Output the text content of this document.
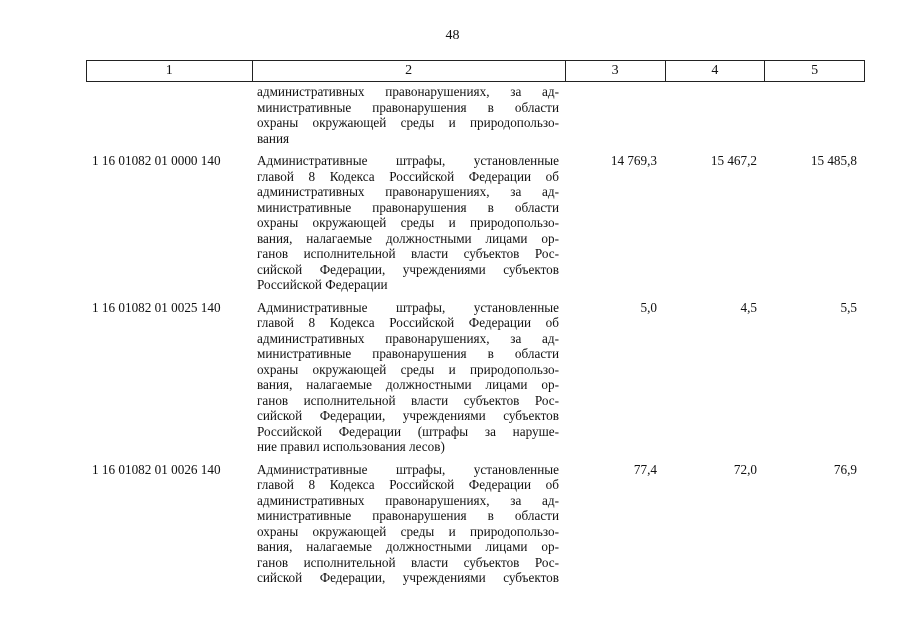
48
1	2	3	4	5
административных правонарушениях, за ад-
министративные правонарушения в области
охраны окружающей среды и природопользо-
вания
1 16 01082 01 0000 140	Административные штрафы, установленные
главой 8 Кодекса Российской Федерации об
административных правонарушениях, за ад-
министративные правонарушения в области
охраны окружающей среды и природопользо-
вания, налагаемые должностными лицами ор-
ганов исполнительной власти субъектов Рос-
сийской Федерации, учреждениями субъектов
Российской Федерации
14 769,3	15 467,2	15 485,8
1 16 01082 01 0025 140	Административные штрафы, установленные
главой 8 Кодекса Российской Федерации об
административных правонарушениях, за ад-
министративные правонарушения в области
охраны окружающей среды и природопользо-
вания, налагаемые должностными лицами ор-
ганов исполнительной власти субъектов Рос-
сийской Федерации, учреждениями субъектов
Российской Федерации (штрафы за наруше-
ние правил использования лесов)
5,0	4,5	5,5
1 16 01082 01 0026 140	Административные штрафы, установленные
главой 8 Кодекса Российской Федерации об
административных правонарушениях, за ад-
министративные правонарушения в области
охраны окружающей среды и природопользо-
вания, налагаемые должностными лицами ор-
ганов исполнительной власти субъектов Рос-
сийской Федерации, учреждениями субъектов
77,4	72,0	76,9
